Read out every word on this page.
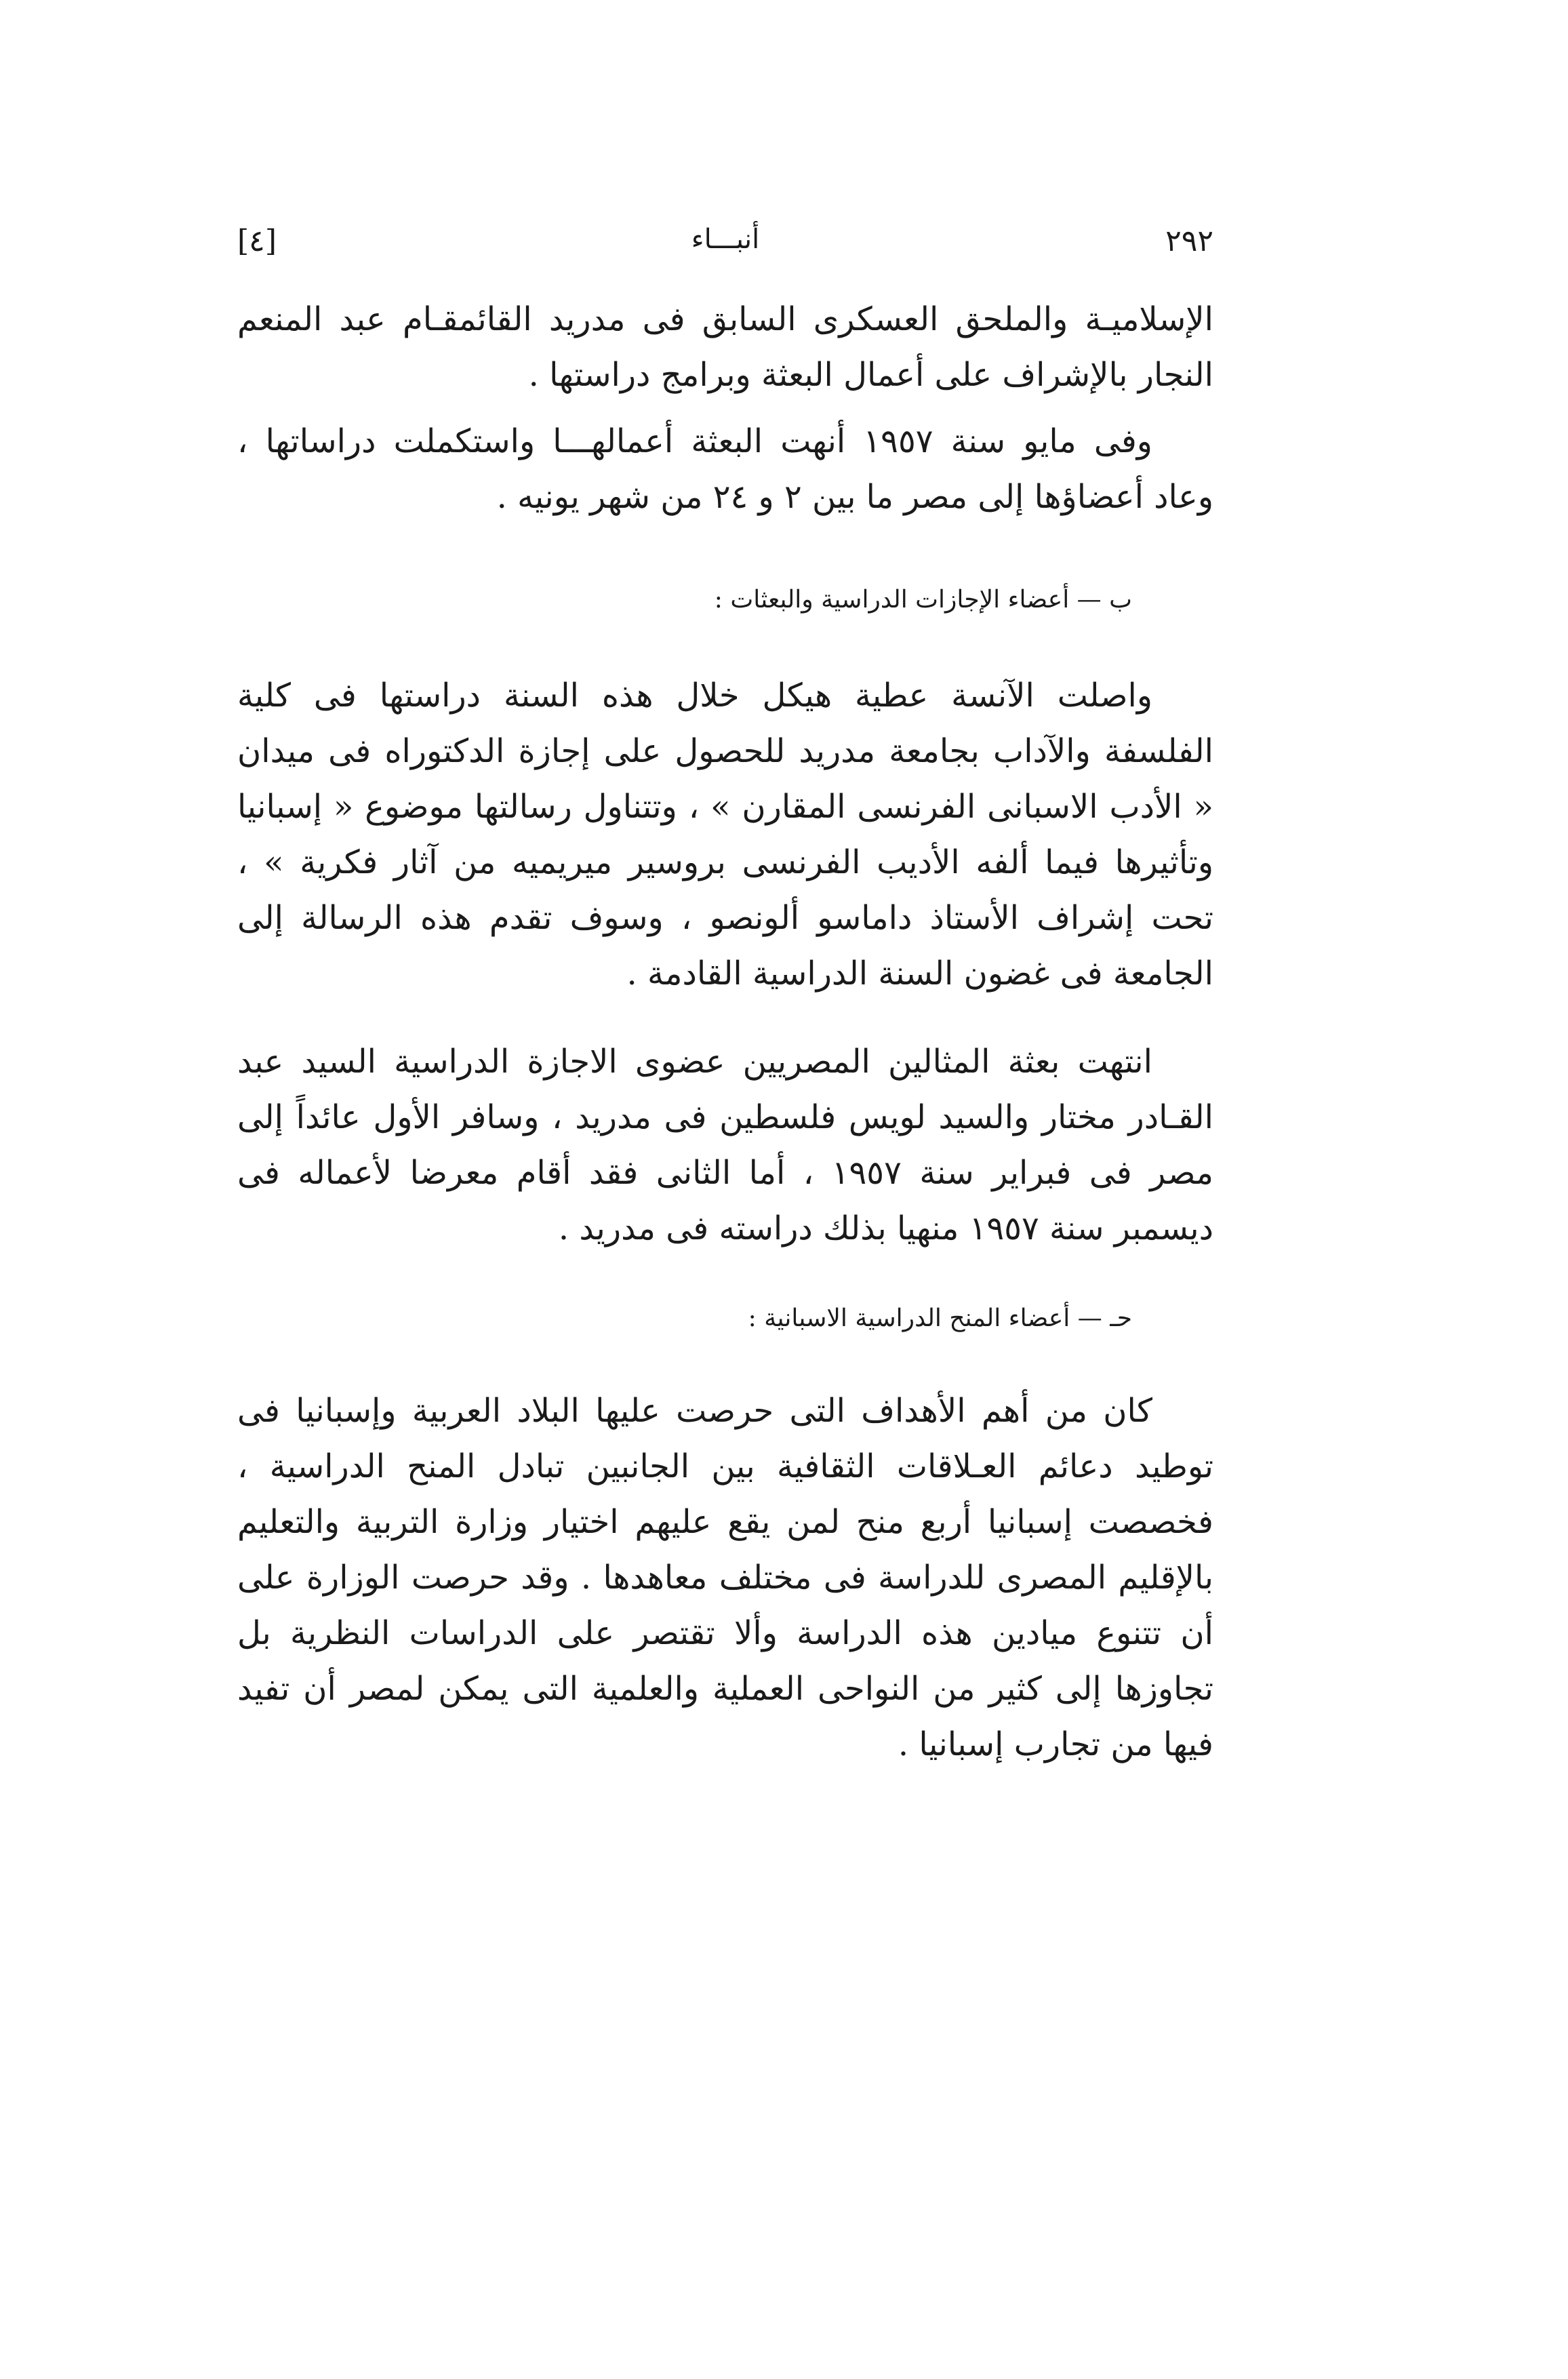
[٤]	أنبـــاء	٢٩٢

الإسلاميـة والملحق العسكرى السابق فى مدريد القائمقـام عبد المنعم النجار بالإشراف على أعمال البعثة وبرامج دراستها .

وفى مايو سنة ١٩٥٧ أنهت البعثة أعمالهـــا واستكملت دراساتها ، وعاد أعضاؤها إلى مصر ما بين ٢ و ٢٤ من شهر يونيه .

ب — أعضاء الإجازات الدراسية والبعثات :

واصلت الآنسة عطية هيكل خلال هذه السنة دراستها فى كلية الفلسفة والآداب بجامعة مدريد للحصول على إجازة الدكتوراه فى ميدان « الأدب الاسبانى الفرنسى المقارن » ، وتتناول رسالتها موضوع « إسبانيا وتأثيرها فيما ألفه الأديب الفرنسى بروسير ميريميه من آثار فكرية » ، تحت إشراف الأستاذ داماسو ألونصو ، وسوف تقدم هذه الرسالة إلى الجامعة فى غضون السنة الدراسية القادمة .

انتهت بعثة المثالين المصريين عضوى الاجازة الدراسية السيد عبد القـادر مختار والسيد لويس فلسطين فى مدريد ، وسافر الأول عائداً إلى مصر فى فبراير سنة ١٩٥٧ ، أما الثانى فقد أقام معرضا لأعماله فى ديسمبر سنة ١٩٥٧ منهيا بذلك دراسته فى مدريد .

حـ — أعضاء المنح الدراسية الاسبانية :

كان من أهم الأهداف التى حرصت عليها البلاد العربية وإسبانيا فى توطيد دعائم العـلاقات الثقافية بين الجانبين تبادل المنح الدراسية ، فخصصت إسبانيا أربع منح لمن يقع عليهم اختيار وزارة التربية والتعليم بالإقليم المصرى للدراسة فى مختلف معاهدها . وقد حرصت الوزارة على أن تتنوع ميادين هذه الدراسة وألا تقتصر على الدراسات النظرية بل تجاوزها إلى كثير من النواحى العملية والعلمية التى يمكن لمصر أن تفيد فيها من تجارب إسبانيا .
